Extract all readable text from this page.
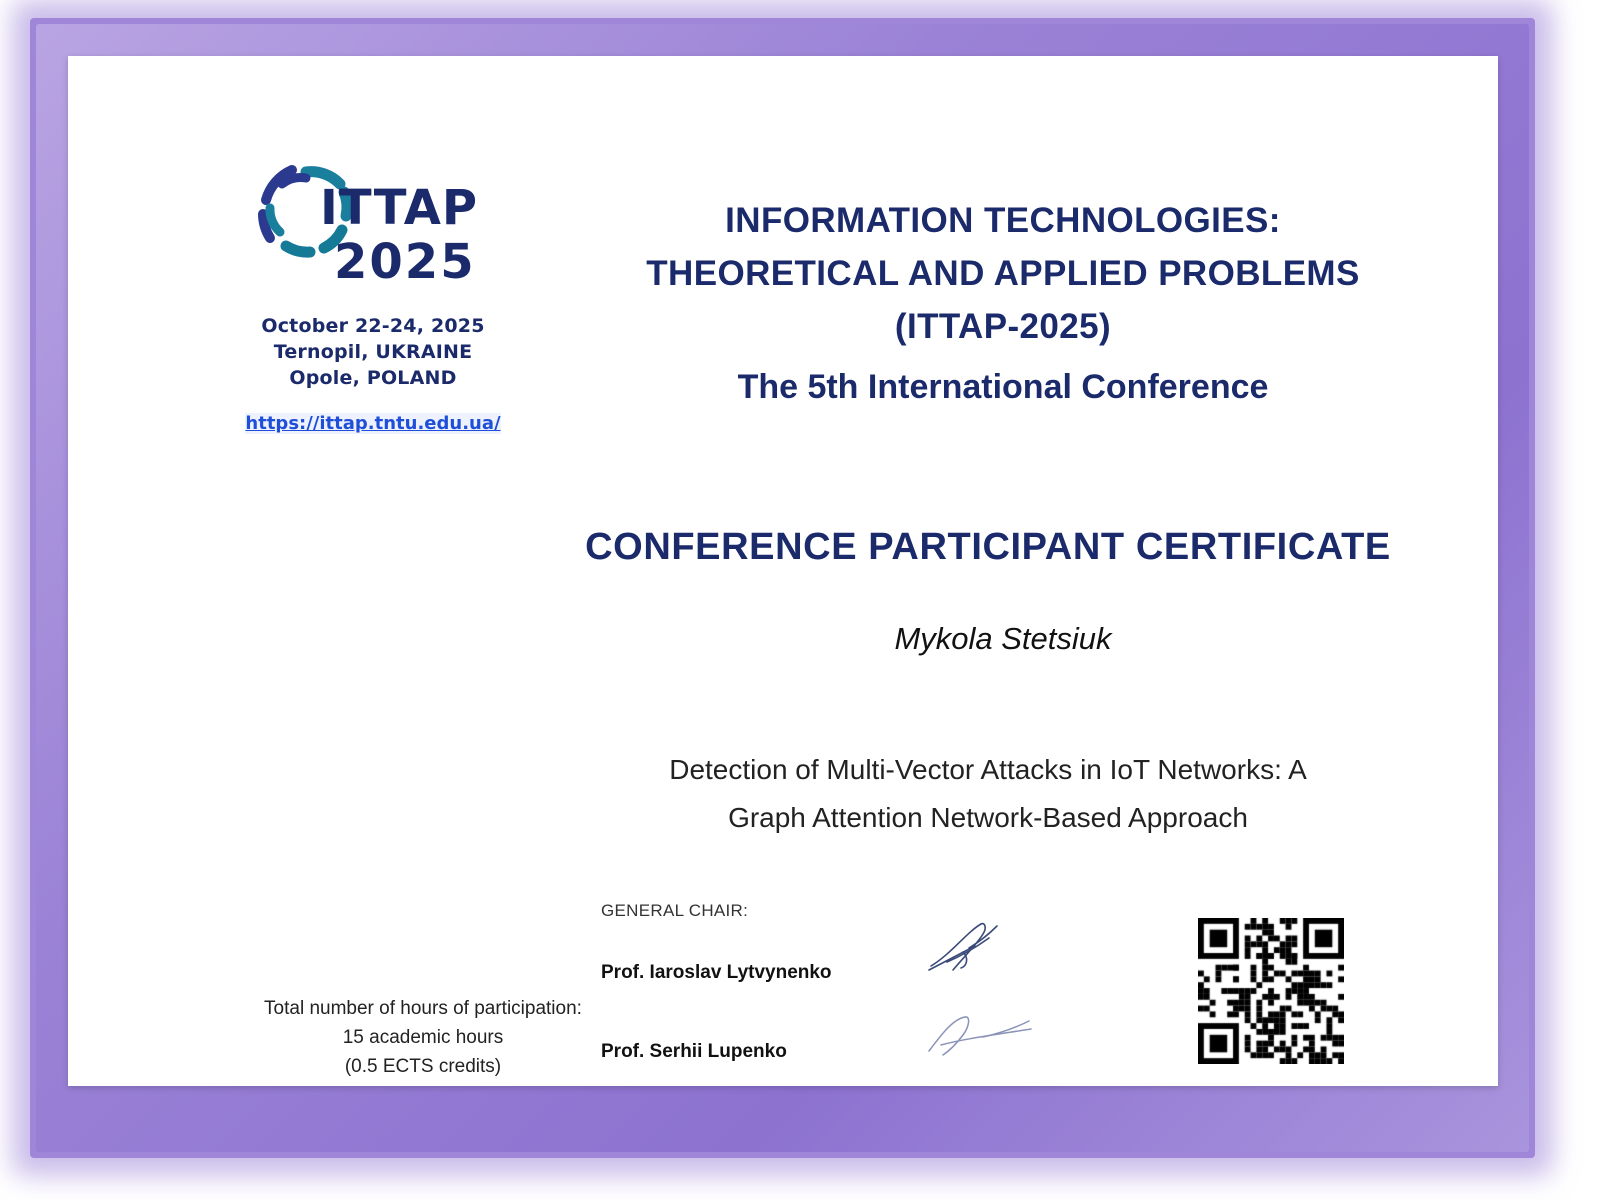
ITTAP
2025
October 22-24, 2025
Ternopil, UKRAINE
Opole, POLAND
https://ittap.tntu.edu.ua/
INFORMATION TECHNOLOGIES:
THEORETICAL AND APPLIED PROBLEMS
(ITTAP-2025)
The 5th International Conference
CONFERENCE PARTICIPANT CERTIFICATE
Mykola Stetsiuk
Detection of Multi-Vector Attacks in IoT Networks: A
Graph Attention Network-Based Approach
GENERAL CHAIR:
Prof. Iaroslav Lytvynenko
Prof. Serhii Lupenko
Total number of hours of participation:
15 academic hours
(0.5 ECTS credits)
